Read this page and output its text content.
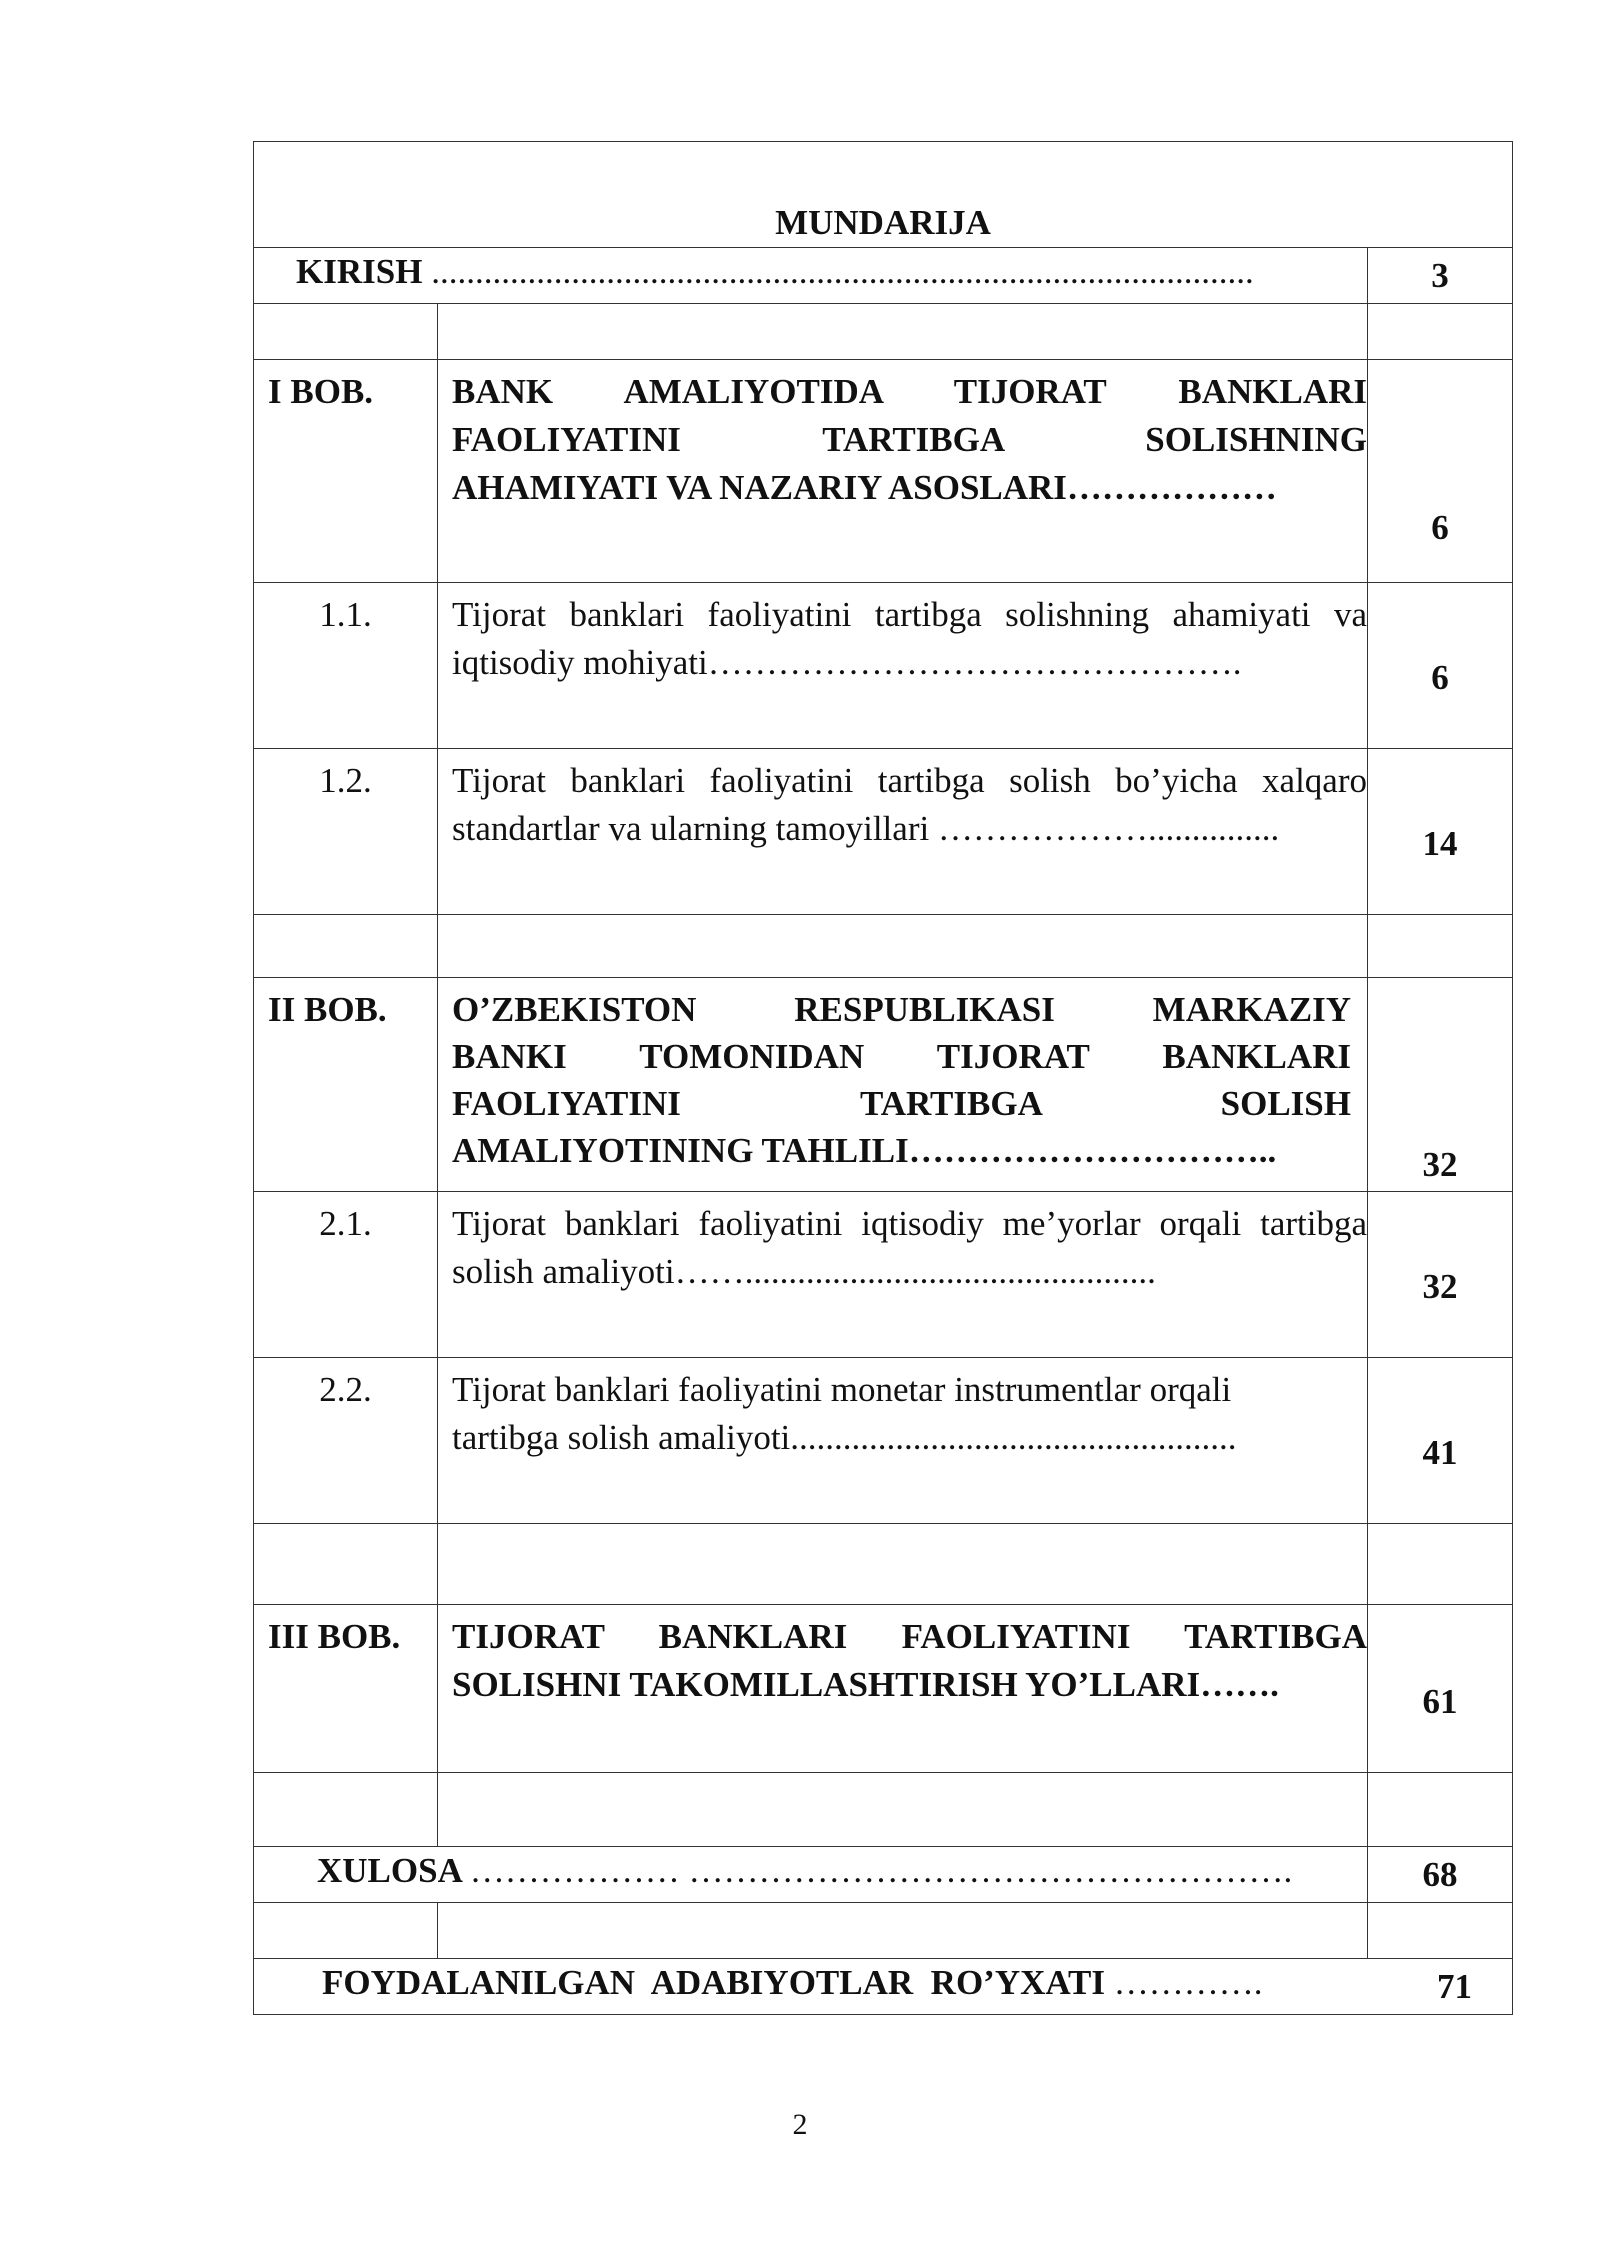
MUNDARIJA		
KIRISH ..............................................................................................		3

I BOB.	BANK AMALIYOTIDA TIJORAT BANKLARI
FAOLIYATINI TARTIBGA SOLISHNING
AHAMIYATI VA NAZARIY ASOSLARI………………	6

1.1.	Tijorat banklari faoliyatini tartibga solishning ahamiyati va
iqtisodiy mohiyati……………………………………….	6

1.2.	Tijorat banklari faoliyatini tartibga solish bo’yicha xalqaro
standartlar va ularning tamoyillari ………………...............	14

II BOB.	O’ZBEKISTON RESPUBLIKASI MARKAZIY
BANKI TOMONIDAN TIJORAT BANKLARI
FAOLIYATINI TARTIBGA SOLISH
AMALIYOTINING TAHLILI…………………………..	32
2.1.	Tijorat banklari faoliyatini iqtisodiy me’yorlar orqali tartibga
solish amaliyoti……...............................................	32

2.2.	Tijorat banklari faoliyatini monetar instrumentlar orqali
tartibga solish amaliyoti...................................................	41

III BOB.	TIJORAT BANKLARI FAOLIYATINI TARTIBGA
SOLISHNI TAKOMILLASHTIRISH YO’LLARI…….	61

XULOSA ……………… …………………………………………….		68

FOYDALANILGAN  ADABIYOTLAR  RO’YXATI …………. 71		
2
